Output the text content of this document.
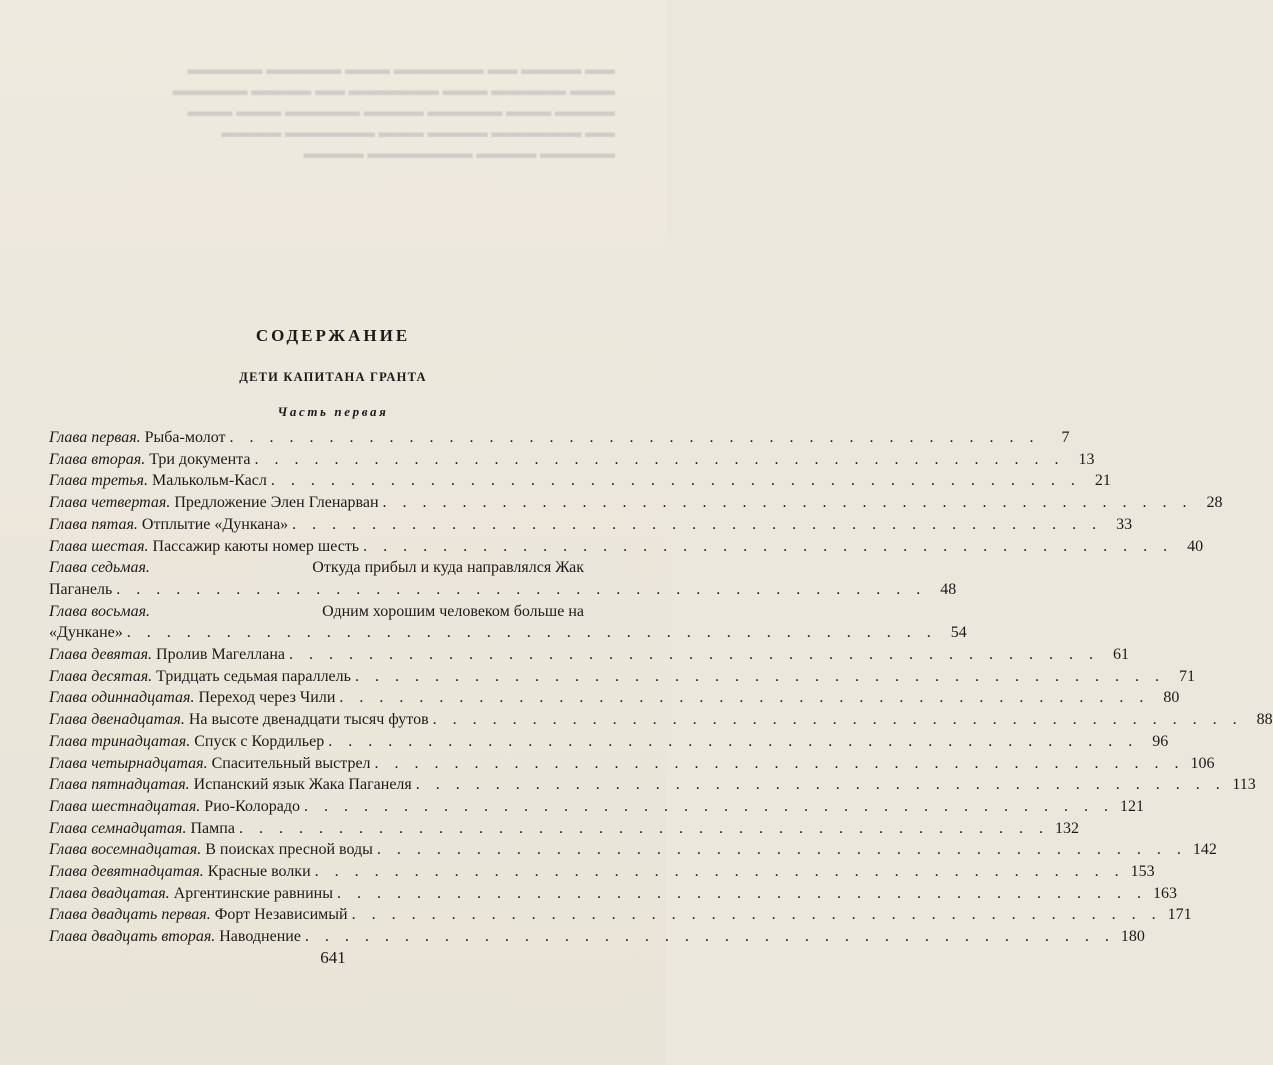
▬▬ ▬▬▬▬ ▬▬ ▬▬▬▬▬▬ ▬▬▬ ▬▬▬▬▬ ▬▬▬▬▬
▬▬▬ ▬▬▬▬▬ ▬▬▬ ▬▬▬▬▬▬ ▬▬ ▬▬▬▬ ▬▬▬▬▬
▬▬▬▬ ▬▬▬ ▬▬▬▬▬ ▬▬▬▬ ▬▬▬▬▬ ▬▬▬ ▬▬▬
▬▬ ▬▬▬▬▬▬ ▬▬▬▬ ▬▬▬ ▬▬▬▬▬▬ ▬▬▬▬
▬▬▬▬▬ ▬▬▬▬ ▬▬▬▬▬▬▬ ▬▬▬▬
СОДЕРЖАНИЕ
ДЕТИ КАПИТАНА ГРАНТА
Часть первая
Глава первая. Рыба-молот . . . . . . . . . . . . . . . . . . . . . . . . . . . . . . . . . . . . . . . . .	7
Глава вторая. Три документа . . . . . . . . . . . . . . . . . . . . . . . . . . . . . . . . . . . . . . . . . 13
Глава третья. Малькольм-Касл . . . . . . . . . . . . . . . . . . . . . . . . . . . . . . . . . . . . . . . . . 21
Глава четвертая. Предложение Элен Гленарван . . . . . . . . . . . . . . . . . . . . . . . . . . . . . . . . . . . . . . . . . 28
Глава пятая. Отплытие «Дункана» . . . . . . . . . . . . . . . . . . . . . . . . . . . . . . . . . . . . . . . . . 33
Глава шестая. Пассажир каюты номер шесть . . . . . . . . . . . . . . . . . . . . . . . . . . . . . . . . . . . . . . . . . 40
Глава седьмая.	Откуда прибыл и куда направлялся Жак
Паганель . . . . . . . . . . . . . . . . . . . . . . . . . . . . . . . . . . . . . . . . . 48
Глава восьмая.	Одним хорошим человеком больше на
«Дункане» . . . . . . . . . . . . . . . . . . . . . . . . . . . . . . . . . . . . . . . . . 54
Глава девятая. Пролив Магеллана . . . . . . . . . . . . . . . . . . . . . . . . . . . . . . . . . . . . . . . . . 61
Глава десятая. Тридцать седьмая параллель . . . . . . . . . . . . . . . . . . . . . . . . . . . . . . . . . . . . . . . . . 71
Глава одиннадцатая. Переход через Чили . . . . . . . . . . . . . . . . . . . . . . . . . . . . . . . . . . . . . . . . . 80
Глава двенадцатая. На высоте двенадцати тысяч футов . . . . . . . . . . . . . . . . . . . . . . . . . . . . . . . . . . . . . . . . . 88
Глава тринадцатая. Спуск с Кордильер . . . . . . . . . . . . . . . . . . . . . . . . . . . . . . . . . . . . . . . . . 96
Глава четырнадцатая. Спасительный выстрел . . . . . . . . . . . . . . . . . . . . . . . . . . . . . . . . . . . . . . . . . 106
Глава пятнадцатая. Испанский язык Жака Паганеля . . . . . . . . . . . . . . . . . . . . . . . . . . . . . . . . . . . . . . . . . 113
Глава шестнадцатая. Рио-Колорадо . . . . . . . . . . . . . . . . . . . . . . . . . . . . . . . . . . . . . . . . . 121
Глава семнадцатая. Пампа . . . . . . . . . . . . . . . . . . . . . . . . . . . . . . . . . . . . . . . . . 132
Глава восемнадцатая. В поисках пресной воды . . . . . . . . . . . . . . . . . . . . . . . . . . . . . . . . . . . . . . . . . 142
Глава девятнадцатая. Красные волки . . . . . . . . . . . . . . . . . . . . . . . . . . . . . . . . . . . . . . . . . 153
Глава двадцатая. Аргентинские равнины . . . . . . . . . . . . . . . . . . . . . . . . . . . . . . . . . . . . . . . . . 163
Глава двадцать первая. Форт Независимый . . . . . . . . . . . . . . . . . . . . . . . . . . . . . . . . . . . . . . . . . 171
Глава двадцать вторая. Наводнение . . . . . . . . . . . . . . . . . . . . . . . . . . . . . . . . . . . . . . . . . 180
641
